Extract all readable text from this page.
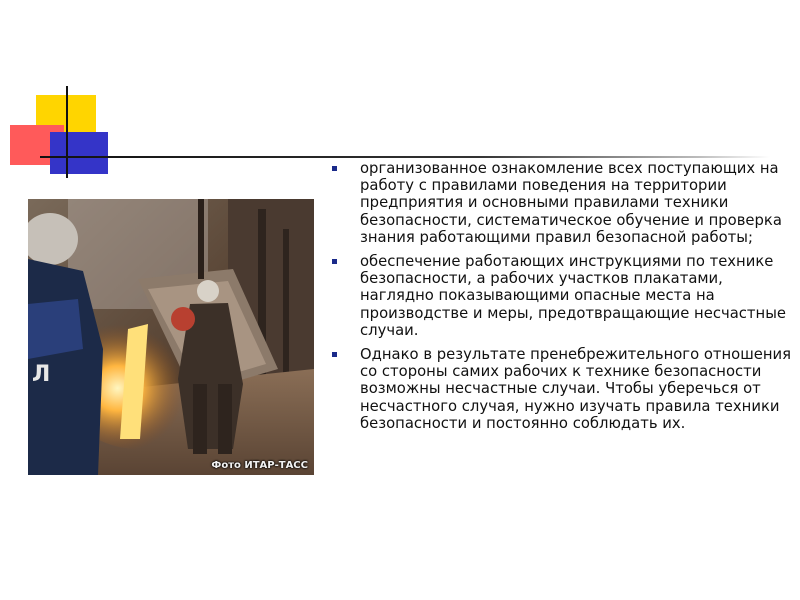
Л
Фото ИТАР-ТАСС
организованное ознакомление всех поступающих на работу с правилами поведения на территории предприятия и основными правилами техники безопасности, систематическое обучение и проверка знания работающими правил безопасной работы;
обеспечение работающих инструкциями по технике безопасности, а рабочих участков плакатами, наглядно показывающими опасные места на производстве и меры, предотвращающие несчастные случаи.
Однако в результате пренебрежительного отношения со стороны самих рабочих к технике безопасности возможны несчастные случаи. Чтобы уберечься от несчастного случая, нужно изучать правила техники безопасности и постоянно соблюдать их.
